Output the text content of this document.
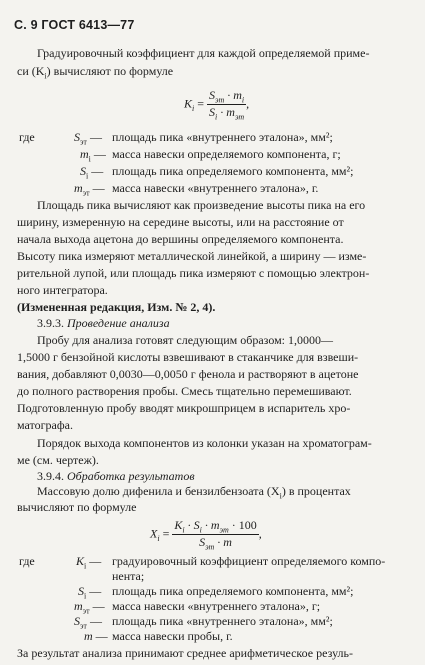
С. 9 ГОСТ 6413—77
Градуировочный коэффициент для каждой определяемой приме-
си $(K_i)$ вычисляют по формуле
$K_i = \frac{S_{эт} \cdot m_i}{S_i \cdot m_{эт}}$ ,
где	$S_{эт}$ — площадь пика «внутреннего эталона», мм²;
$m_i$ — масса навески определяемого компонента, г;
$S_i$ — площадь пика определяемого компонента, мм²;
$m_{эт}$ — масса навески «внутреннего эталона», г.
Площадь пика вычисляют как произведение высоты пика на его
ширину, измеренную на середине высоты, или на расстояние от
начала выхода ацетона до вершины определяемого компонента.
Высоту пика измеряют металлической линейкой, а ширину — изме-
рительной лупой, или площадь пика измеряют с помощью электрон-
ного интегратора.
(Измененная редакция, Изм. № 2, 4).
3.9.3. Проведение анализа
Пробу для анализа готовят следующим образом: 1,0000—
1,5000 г бензойной кислоты взвешивают в стаканчике для взвеши-
вания, добавляют 0,0030—0,0050 г фенола и растворяют в ацетоне
до полного растворения пробы. Смесь тщательно перемешивают.
Подготовленную пробу вводят микрошприцем в испаритель хро-
матографа.
Порядок выхода компонентов из колонки указан на хроматограм-
ме (см. чертеж).
3.9.4. Обработка результатов
Массовую долю дифенила и бензилбензоата $(X_i)$ в процентах
вычисляют по формуле
$X_i = \frac{K_i \cdot S_i \cdot m_{эт} \cdot 100}{S_{эт} \cdot m}$ ,
где	$K_i$ — градуировочный коэффициент определяемого компо-
нента;
$S_i$ — площадь пика определяемого компонента, мм²;
$m_{эт}$ — масса навески «внутреннего эталона», г;
$S_{эт}$ — площадь пика «внутреннего эталона», мм²;
m — масса навески пробы, г.
За результат анализа принимают среднее арифметическое резуль-
